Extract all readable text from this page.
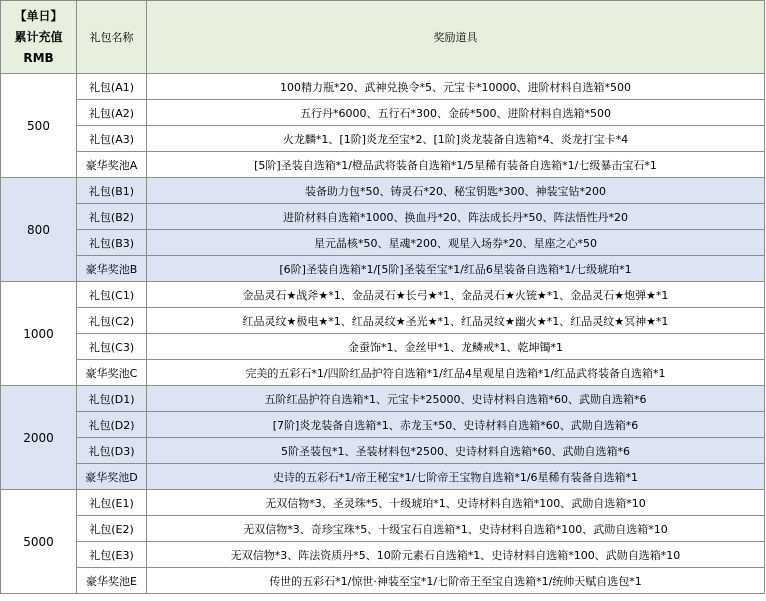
【单日】
累计充值
RMB	礼包名称	奖励道具
500	礼包(A1)	100精力瓶*20、武神兑换令*5、元宝卡*10000、进阶材料自选箱*500
	礼包(A2)	五行丹*6000、五行石*300、金砖*500、进阶材料自选箱*500
	礼包(A3)	火龙麟*1、[1阶]炎龙至宝*2、[1阶]炎龙装备自选箱*4、炎龙打宝卡*4
	豪华奖池A	[5阶]圣装自选箱*1/橙品武将装备自选箱*1/5星稀有装备自选箱*1/七级暴击宝石*1
800	礼包(B1)	装备助力包*50、铸灵石*20、秘宝钥匙*300、神装宝钻*200
	礼包(B2)	进阶材料自选箱*1000、换血丹*20、阵法成长丹*50、阵法悟性丹*20
	礼包(B3)	星元晶核*50、星魂*200、观星入场券*20、星座之心*50
	豪华奖池B	[6阶]圣装自选箱*1/[5阶]圣装至宝*1/红品6星装备自选箱*1/七级琥珀*1
1000	礼包(C1)	金品灵石★战斧★*1、金品灵石★长弓★*1、金品灵石★火铳★*1、金品灵石★炮弹★*1
	礼包(C2)	红品灵纹★极电★*1、红品灵纹★圣光★*1、红品灵纹★幽火★*1、红品灵纹★冥神★*1
	礼包(C3)	金蚕饰*1、金丝甲*1、龙鳞戒*1、乾坤镯*1
	豪华奖池C	完美的五彩石*1/四阶红品护符自选箱*1/红品4星观星自选箱*1/红品武将装备自选箱*1
2000	礼包(D1)	五阶红品护符自选箱*1、元宝卡*25000、史诗材料自选箱*60、武勋自选箱*6
	礼包(D2)	[7阶]炎龙装备自选箱*1、赤龙玉*50、史诗材料自选箱*60、武勋自选箱*6
	礼包(D3)	5阶圣装包*1、圣装材料包*2500、史诗材料自选箱*60、武勋自选箱*6
	豪华奖池D	史诗的五彩石*1/帝王秘宝*1/七阶帝王宝物自选箱*1/6星稀有装备自选箱*1
5000	礼包(E1)	无双信物*3、圣灵珠*5、十级琥珀*1、史诗材料自选箱*100、武勋自选箱*10
	礼包(E2)	无双信物*3、奇珍宝珠*5、十级宝石自选箱*1、史诗材料自选箱*100、武勋自选箱*10
	礼包(E3)	无双信物*3、阵法资质丹*5、10阶元素石自选箱*1、史诗材料自选箱*100、武勋自选箱*10
	豪华奖池E	传世的五彩石*1/惊世·神装至宝*1/七阶帝王至宝自选箱*1/统帅天赋自选包*1
